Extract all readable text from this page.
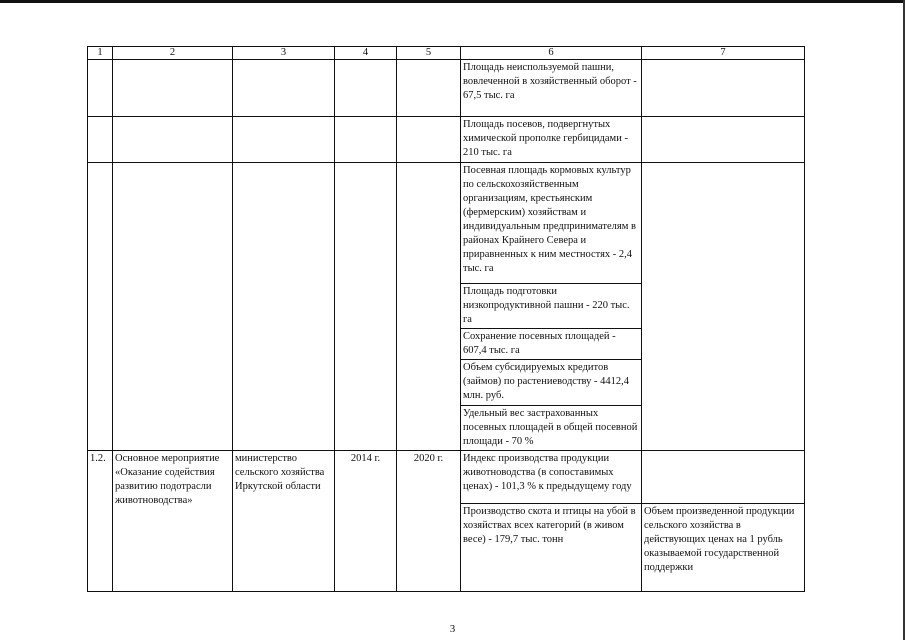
1	2	3	4	5	6	7
					Площадь неиспользуемой пашни, вовлеченной в хозяйственный оборот - 67,5 тыс. га	
					Площадь посевов, подвергнутых химической прополке гербицидами - 210 тыс. га	
					Посевная площадь кормовых культур по сельскохозяйственным организациям, крестьянским (фермерским) хозяйствам и индивидуальным предпринимателям в районах Крайнего Севера и приравненных к ним местностях - 2,4 тыс. га	
					Площадь подготовки низкопродуктивной пашни - 220 тыс. га	
					Сохранение посевных площадей - 607,4 тыс. га	
					Объем субсидируемых кредитов (займов) по растениеводству - 4412,4 млн. руб.	
					Удельный вес застрахованных посевных площадей в общей посевной площади - 70 %	
1.2.	Основное мероприятие «Оказание содействия развитию подотрасли животноводства»	министерство сельского хозяйства Иркутской области	2014 г.	2020 г.	Индекс производства продукции животноводства (в сопоставимых ценах) - 101,3 % к предыдущему году	
					Производство скота и птицы на убой в хозяйствах всех категорий (в живом весе) - 179,7 тыс. тонн	Объем произведенной продукции сельского хозяйства в действующих ценах на 1 рубль оказываемой государственной поддержки
3
